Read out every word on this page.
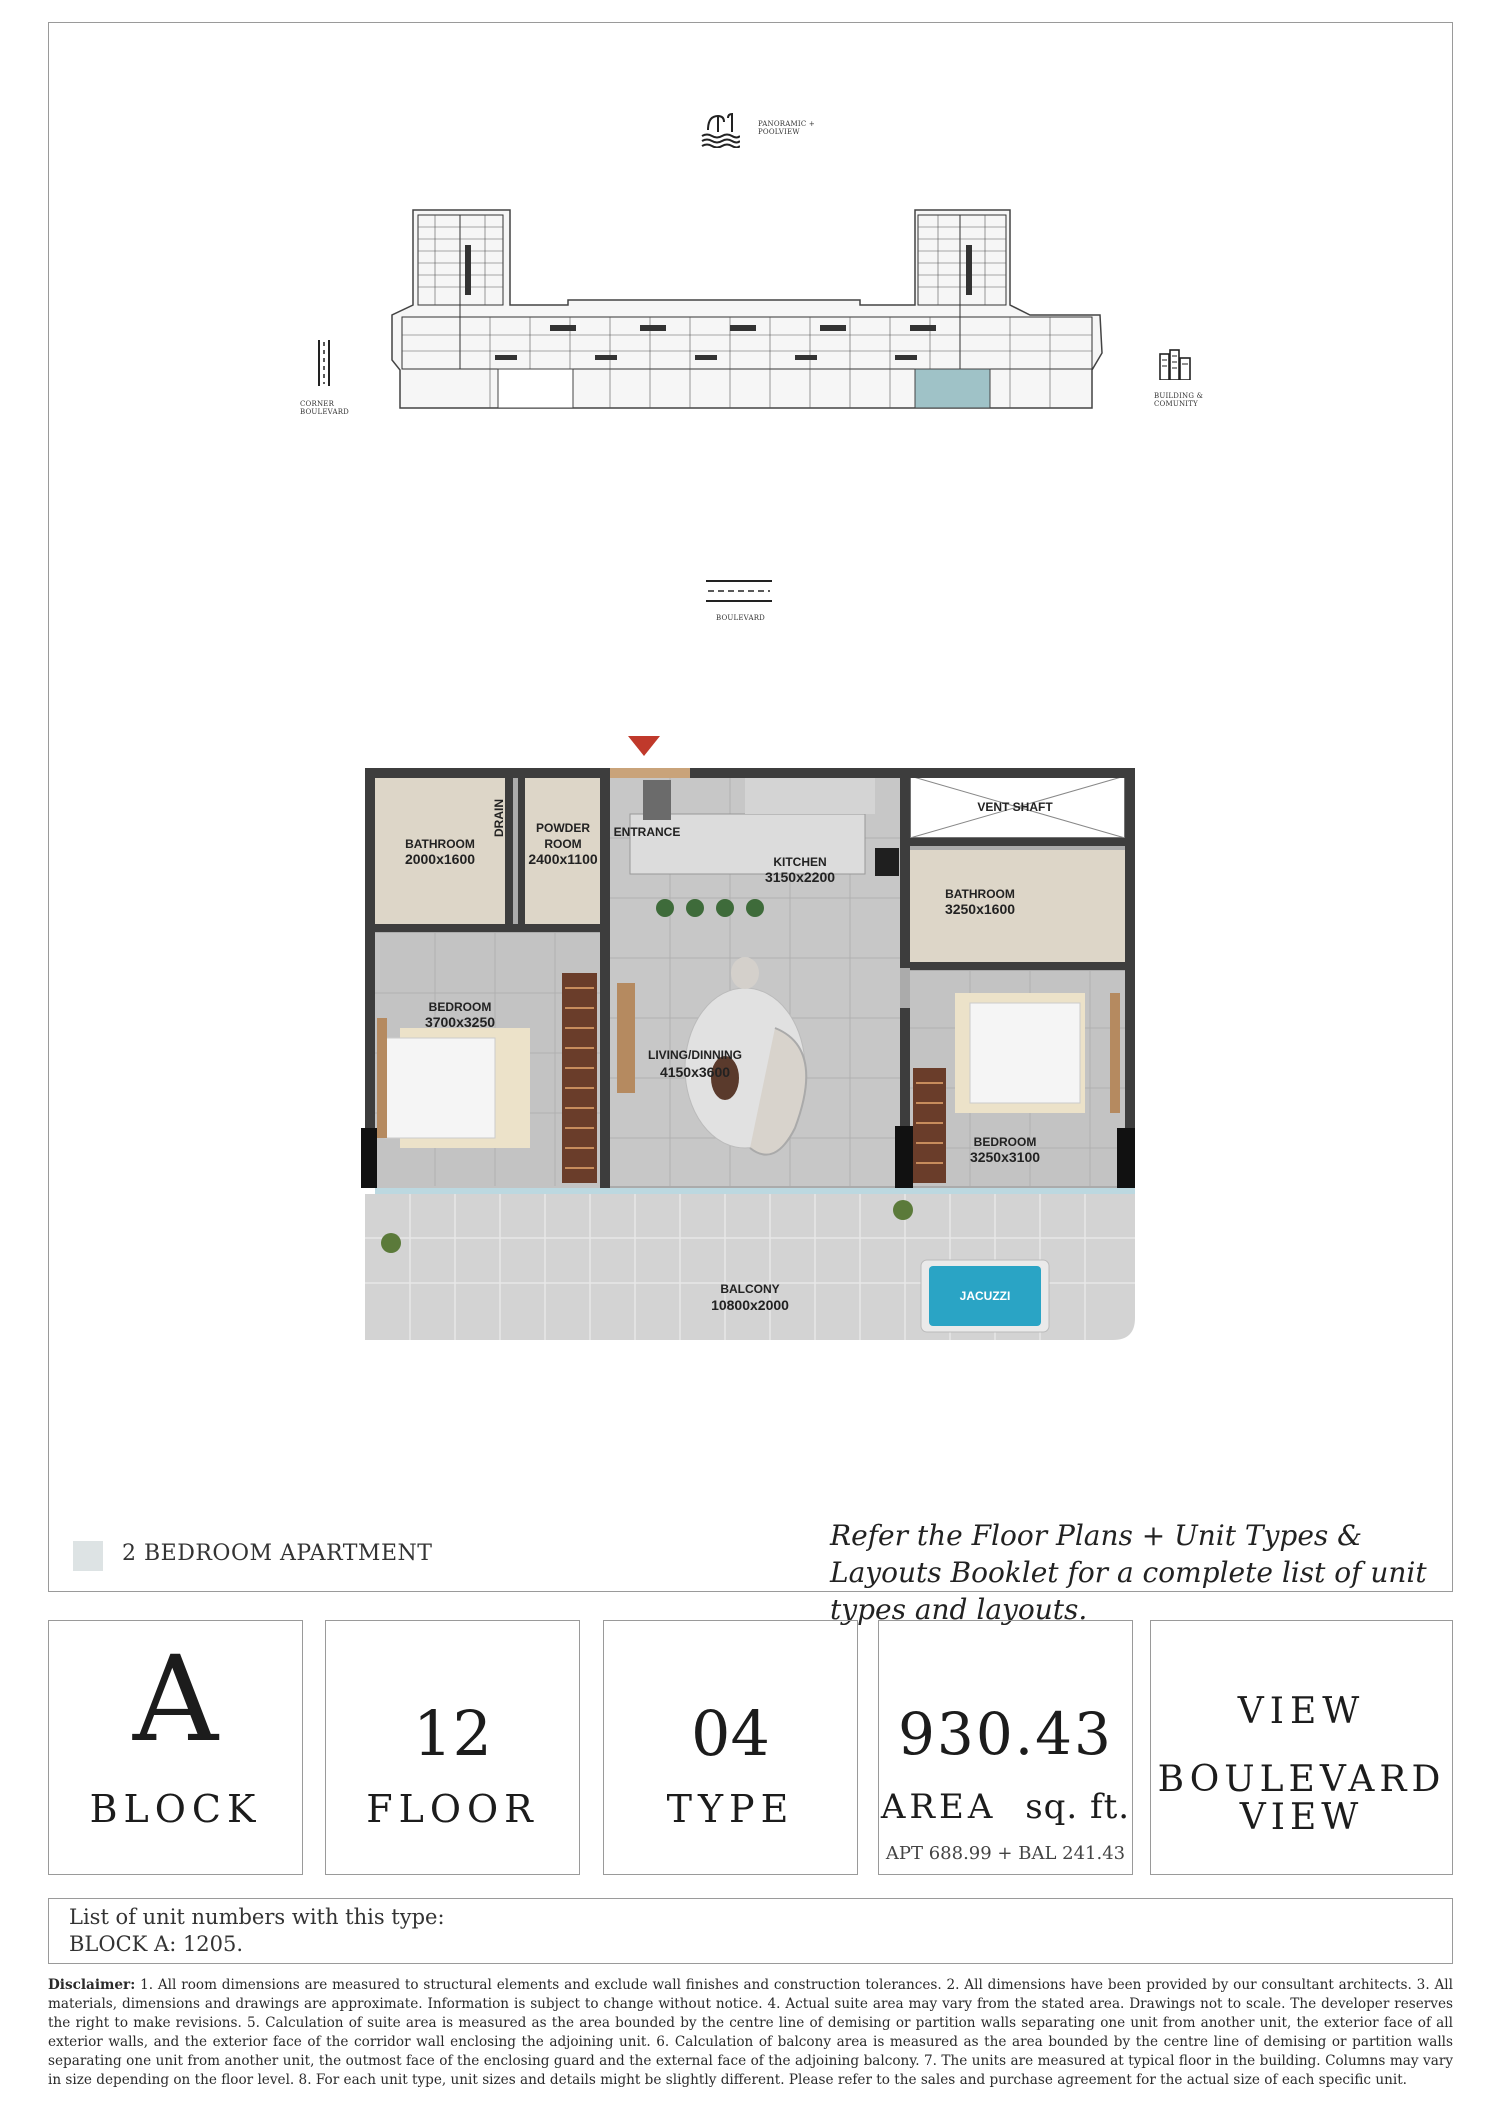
PANORAMIC + POOLVIEW
CORNER BOULEVARD
BUILDING & COMUNITY
BOULEVARD
BATHROOM
2000x1600
DRAIN	POWDER
ROOM
2400x1100
ENTRANCE
KITCHEN
3150x2200
VENT SHAFT
BATHROOM
3250x1600
BEDROOM
3700x3250
LIVING/DINNING
4150x3600
BEDROOM
3250x3100
BALCONY
10800x2000
JACUZZI
2 BEDROOM APARTMENT
Refer the Floor Plans + Unit Types & Layouts Booklet for a complete list of unit types and layouts.
A
BLOCK
12
FLOOR
04
TYPE
930.43
AREA sq. ft.
APT 688.99 + BAL 241.43
VIEW
BOULEVARD
VIEW
List of unit numbers with this type:
BLOCK A: 1205.
Disclaimer: 1. All room dimensions are measured to structural elements and exclude wall finishes and construction tolerances. 2. All dimensions have been provided by our consultant architects. 3. All materials, dimensions and drawings are approximate. Information is subject to change without notice. 4. Actual suite area may vary from the stated area. Drawings not to scale. The developer reserves the right to make revisions. 5. Calculation of suite area is measured as the area bounded by the centre line of demising or partition walls separating one unit from another unit, the exterior face of all exterior walls, and the exterior face of the corridor wall enclosing the adjoining unit. 6. Calculation of balcony area is measured as the area bounded by the centre line of demising or partition walls separating one unit from another unit, the outmost face of the enclosing guard and the external face of the adjoining balcony. 7. The units are measured at typical floor in the building. Columns may vary in size depending on the floor level. 8. For each unit type, unit sizes and details might be slightly different. Please refer to the sales and purchase agreement for the actual size of each specific unit.
